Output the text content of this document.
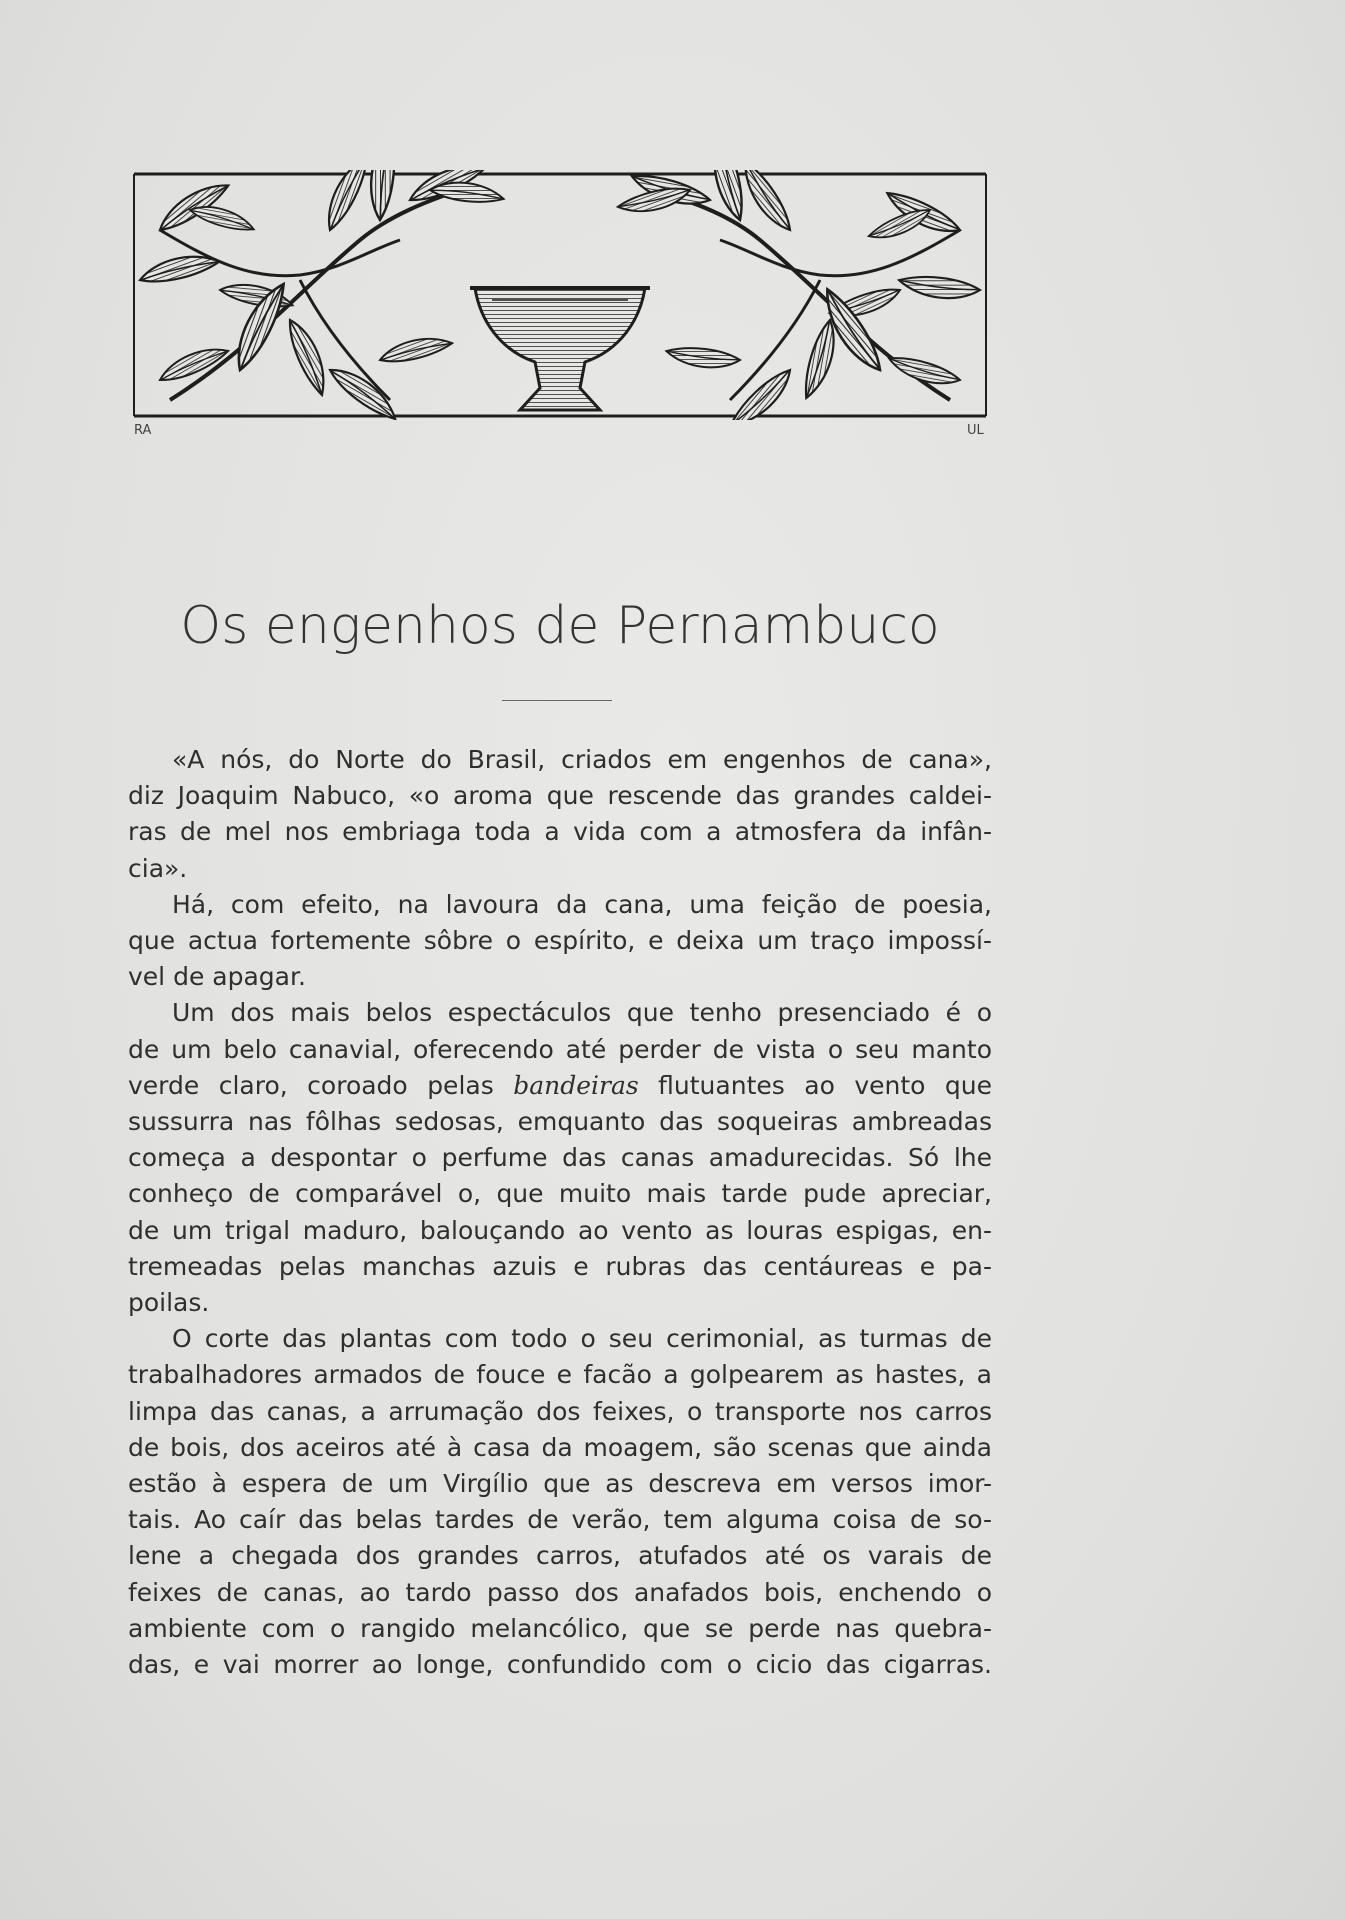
RA	UL
Os engenhos de Pernambuco

«A nós, do Norte do Brasil, criados em engenhos de cana»,
diz Joaquim Nabuco, «o aroma que rescende das grandes caldei-
ras de mel nos embriaga toda a vida com a atmosfera da infân-
cia».

Há, com efeito, na lavoura da cana, uma feição de poesia,
que actua fortemente sôbre o espírito, e deixa um traço impossí-
vel de apagar.

Um dos mais belos espectáculos que tenho presenciado é o
de um belo canavial, oferecendo até perder de vista o seu manto
verde claro, coroado pelas bandeiras flutuantes ao vento que
sussurra nas fôlhas sedosas, emquanto das soqueiras ambreadas
começa a despontar o perfume das canas amadurecidas. Só lhe
conheço de comparável o, que muito mais tarde pude apreciar,
de um trigal maduro, balouçando ao vento as louras espigas, en-
tremeadas pelas manchas azuis e rubras das centáureas e pa-
poilas.

O corte das plantas com todo o seu cerimonial, as turmas de
trabalhadores armados de fouce e facão a golpearem as hastes, a
limpa das canas, a arrumação dos feixes, o transporte nos carros
de bois, dos aceiros até à casa da moagem, são scenas que ainda
estão à espera de um Virgílio que as descreva em versos imor-
tais. Ao caír das belas tardes de verão, tem alguma coisa de so-
lene a chegada dos grandes carros, atufados até os varais de
feixes de canas, ao tardo passo dos anafados bois, enchendo o
ambiente com o rangido melancólico, que se perde nas quebra-
das, e vai morrer ao longe, confundido com o cicio das cigarras.
